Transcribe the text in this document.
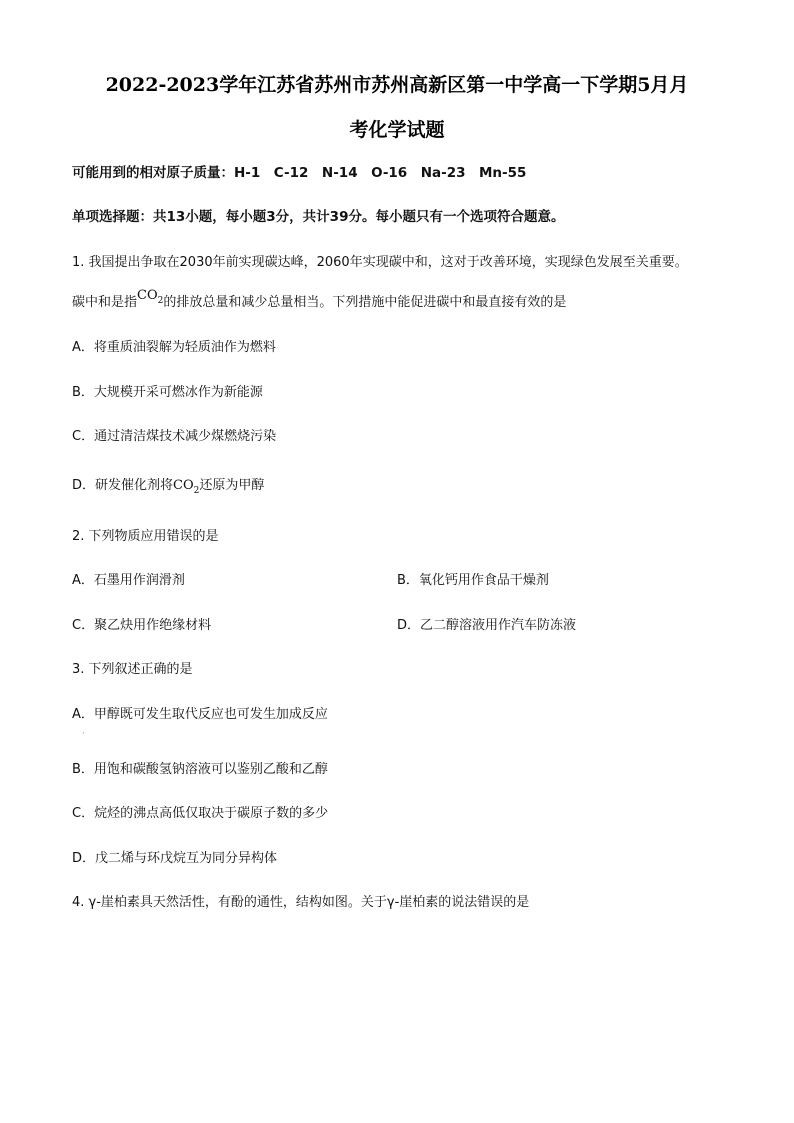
2022-2023学年江苏省苏州市苏州高新区第一中学高一下学期5月月
考化学试题
可能用到的相对原子质量：H-1　C-12　N-14　O-16　Na-23　Mn-55
单项选择题：共13小题，每小题3分，共计39分。每小题只有一个选项符合题意。
1. 我国提出争取在2030年前实现碳达峰，2060年实现碳中和，这对于改善环境，实现绿色发展至关重要。
碳中和是指$CO_2$的排放总量和减少总量相当。下列措施中能促进碳中和最直接有效的是
A．将重质油裂解为轻质油作为燃料
B．大规模开采可燃冰作为新能源
C．通过清洁煤技术减少煤燃烧污染
D．研发催化剂将$CO_2$还原为甲醇
2. 下列物质应用错误的是
A．石墨用作润滑剂	B．氧化钙用作食品干燥剂
C．聚乙炔用作绝缘材料	D．乙二醇溶液用作汽车防冻液
3. 下列叙述正确的是
A．甲醇既可发生取代反应也可发生加成反应
·
B．用饱和碳酸氢钠溶液可以鉴别乙酸和乙醇
C．烷烃的沸点高低仅取决于碳原子数的多少
D．戊二烯与环戊烷互为同分异构体
4. γ-崖柏素具天然活性，有酚的通性，结构如图。关于γ-崖柏素的说法错误的是
